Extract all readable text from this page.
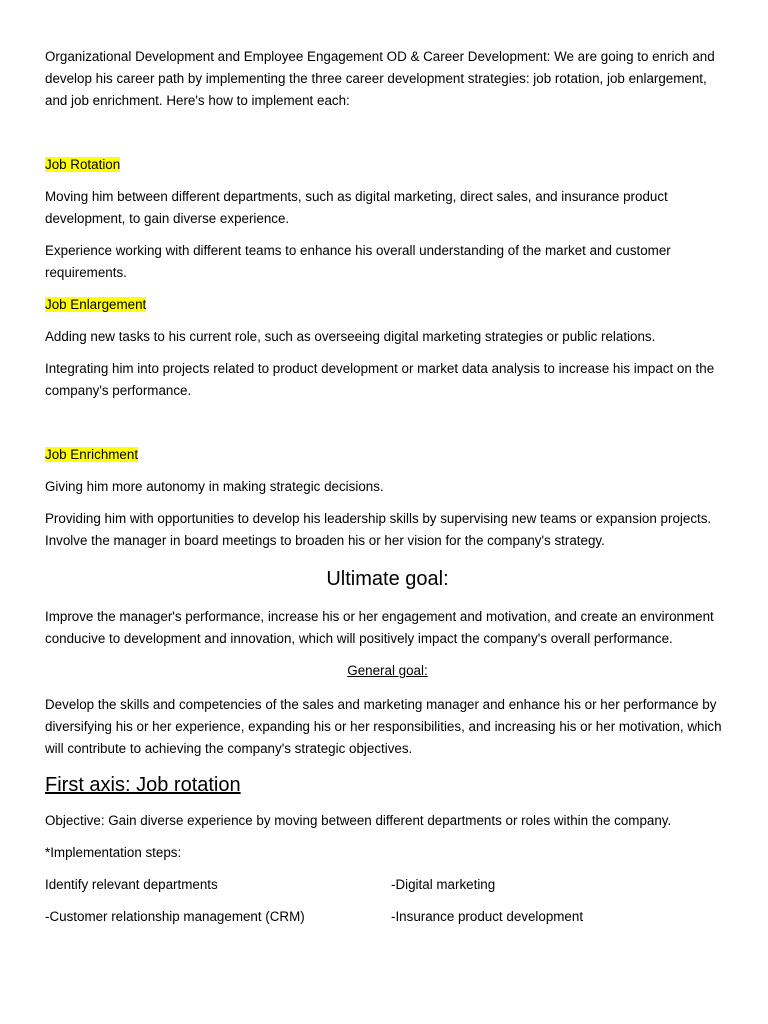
Organizational Development and Employee Engagement OD & Career Development: We are going to enrich and develop his career path by implementing the three career development strategies: job rotation, job enlargement, and job enrichment. Here's how to implement each:

Job Rotation

Moving him between different departments, such as digital marketing, direct sales, and insurance product development, to gain diverse experience.

Experience working with different teams to enhance his overall understanding of the market and customer requirements.

Job Enlargement

Adding new tasks to his current role, such as overseeing digital marketing strategies or public relations.

Integrating him into projects related to product development or market data analysis to increase his impact on the company's performance.

Job Enrichment

Giving him more autonomy in making strategic decisions.

Providing him with opportunities to develop his leadership skills by supervising new teams or expansion projects. Involve the manager in board meetings to broaden his or her vision for the company's strategy.

Ultimate goal:

Improve the manager's performance, increase his or her engagement and motivation, and create an environment conducive to development and innovation, which will positively impact the company's overall performance.

General goal:

Develop the skills and competencies of the sales and marketing manager and enhance his or her performance by diversifying his or her experience, expanding his or her responsibilities, and increasing his or her motivation, which will contribute to achieving the company's strategic objectives.

First axis: Job rotation

Objective: Gain diverse experience by moving between different departments or roles within the company.

*Implementation steps:

Identify relevant departments	-Digital marketing
-Customer relationship management (CRM)	-Insurance product development
